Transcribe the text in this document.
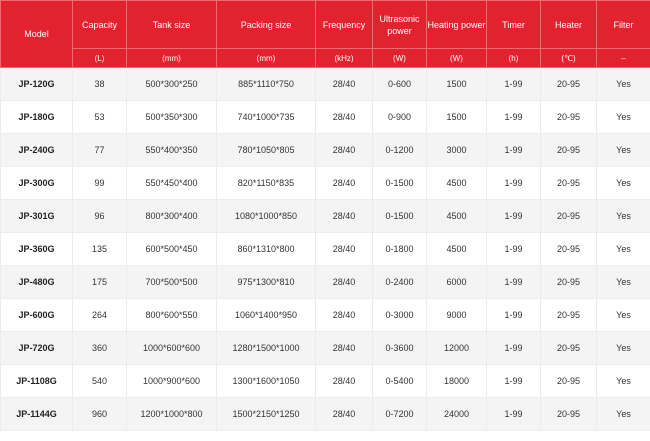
Model	Capacity	Tank size	Packing size	Frequency	Ultrasonic power	Heating power	Timer	Heater	Filter
	(L)	(mm)	(mm)	(kHz)	(W)	(W)	(h)	(℃)	–
JP-120G	38	500*300*250	885*1110*750	28/40	0-600	1500	1-99	20-95	Yes
JP-180G	53	500*350*300	740*1000*735	28/40	0-900	1500	1-99	20-95	Yes
JP-240G	77	550*400*350	780*1050*805	28/40	0-1200	3000	1-99	20-95	Yes
JP-300G	99	550*450*400	820*1150*835	28/40	0-1500	4500	1-99	20-95	Yes
JP-301G	96	800*300*400	1080*1000*850	28/40	0-1500	4500	1-99	20-95	Yes
JP-360G	135	600*500*450	860*1310*800	28/40	0-1800	4500	1-99	20-95	Yes
JP-480G	175	700*500*500	975*1300*810	28/40	0-2400	6000	1-99	20-95	Yes
JP-600G	264	800*600*550	1060*1400*950	28/40	0-3000	9000	1-99	20-95	Yes
JP-720G	360	1000*600*600	1280*1500*1000	28/40	0-3600	12000	1-99	20-95	Yes
JP-1108G	540	1000*900*600	1300*1600*1050	28/40	0-5400	18000	1-99	20-95	Yes
JP-1144G	960	1200*1000*800	1500*2150*1250	28/40	0-7200	24000	1-99	20-95	Yes
